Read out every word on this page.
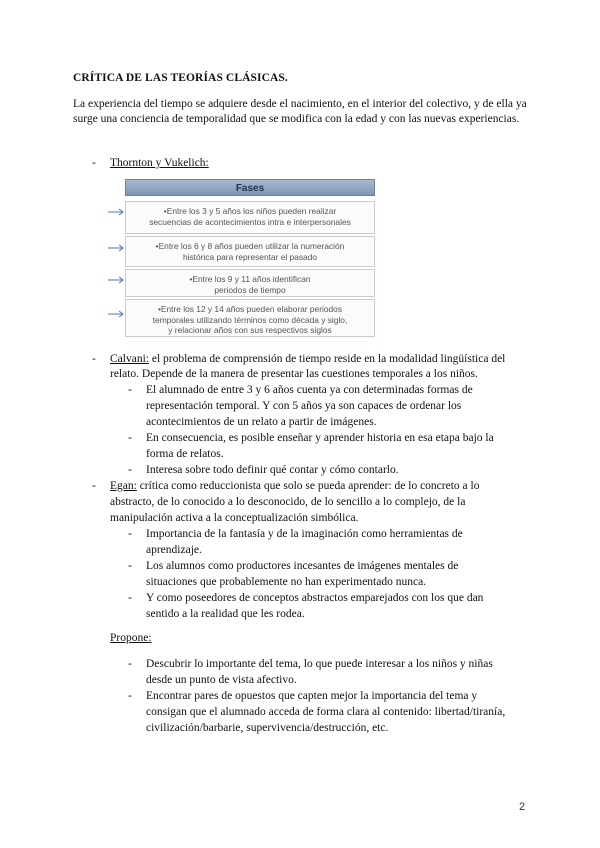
CRÍTICA DE LAS TEORÍAS CLÁSICAS.
La experiencia del tiempo se adquiere desde el nacimiento, en el interior del colectivo, y de ella ya surge una conciencia de temporalidad que se modifica con la edad y con las nuevas experiencias.
- Thornton y Vukelich:
Fases
•Entre los 3 y 5 años los niños pueden realizar
secuencias de acontecimientos intra e interpersonales
•Entre los 6 y 8 años pueden utilizar la numeración
histórica para representar el pasado
•Entre los 9 y 11 años identifican
periodos de tiempo
•Entre los 12 y 14 años pueden elaborar periodos
temporales utilizando términos como década y siglo,
y relacionar años con sus respectivos siglos
- Calvani: el problema de comprensión de tiempo reside en la modalidad lingüística del
relato. Depende de la manera de presentar las cuestiones temporales a los niños.
- El alumnado de entre 3 y 6 años cuenta ya con determinadas formas de
representación temporal. Y con 5 años ya son capaces de ordenar los
acontecimientos de un relato a partir de imágenes.
- En consecuencia, es posible enseñar y aprender historia en esa etapa bajo la
forma de relatos.
- Interesa sobre todo definir qué contar y cómo contarlo.
- Egan: crítica como reduccionista que solo se pueda aprender: de lo concreto a lo
abstracto, de lo conocido a lo desconocido, de lo sencillo a lo complejo, de la
manipulación activa a la conceptualización simbólica.
- Importancia de la fantasía y de la imaginación como herramientas de
aprendizaje.
- Los alumnos como productores incesantes de imágenes mentales de
situaciones que probablemente no han experimentado nunca.
- Y como poseedores de conceptos abstractos emparejados con los que dan
sentido a la realidad que les rodea.
Propone:
- Descubrir lo importante del tema, lo que puede interesar a los niños y niñas
desde un punto de vista afectivo.
- Encontrar pares de opuestos que capten mejor la importancia del tema y
consigan que el alumnado acceda de forma clara al contenido: libertad/tiranía,
civilización/barbarie, supervivencia/destrucción, etc.
2
